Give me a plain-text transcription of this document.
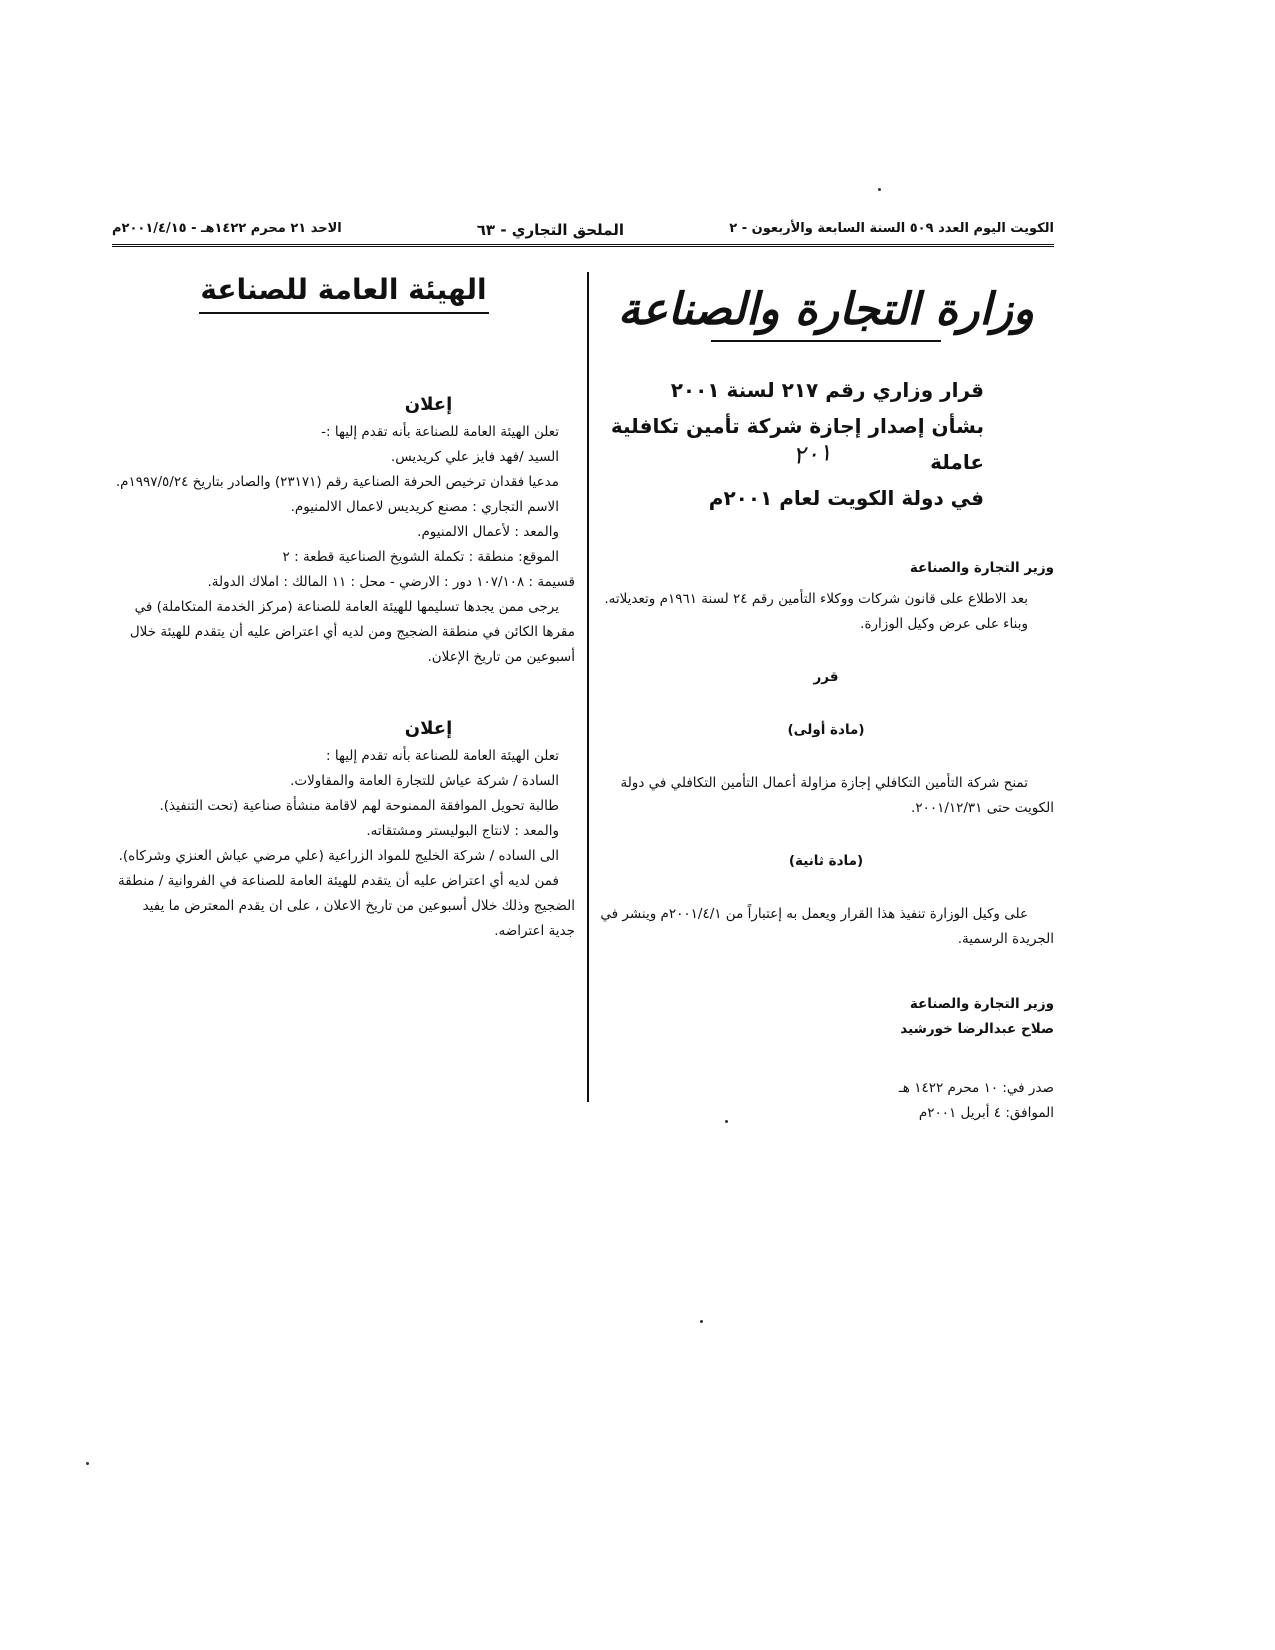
الكويت اليوم العدد ٥٠٩ السنة السابعة والأربعون - ٢
الملحق التجاري - ٦٣
الاحد ٢١ محرم ١٤٢٢هـ - ٢٠٠١/٤/١٥م
وزارة التجارة والصناعة
قرار وزاري رقم ٢١٧ لسنة ٢٠٠١
بشأن إصدار إجازة شركة تأمين تكافلية عاملة
في دولة الكويت لعام ٢٠٠١م
٢٠١
وزير التجارة والصناعة

بعد الاطلاع على قانون شركات ووكلاء التأمين رقم ٢٤ لسنة ١٩٦١م وتعديلاته.

وبناء على عرض وكيل الوزارة.

قرر
(مادة أولى)

تمنح شركة التأمين التكافلي إجازة مزاولة أعمال التأمين التكافلي في دولة الكويت حتى ٢٠٠١/١٢/٣١.

(مادة ثانية)

على وكيل الوزارة تنفيذ هذا القرار ويعمل به إعتباراً من ٢٠٠١/٤/١م وينشر في الجريدة الرسمية.

وزير التجارة والصناعة
صلاح عبدالرضا خورشيد
صدر في: ١٠ محرم ١٤٢٢ هـ
الموافق: ٤ أبريل ٢٠٠١م
الهيئة العامة للصناعة
إعلان

تعلن الهيئة العامة للصناعة بأنه تقدم إليها :-

السيد /فهد فايز علي كريديس.

مدعيا فقدان ترخيص الحرفة الصناعية رقم (٢٣١٧١) والصادر بتاريخ ١٩٩٧/٥/٢٤م.

الاسم التجاري : مصنع كريديس لاعمال الالمنيوم.

والمعد : لأعمال الالمنيوم.

الموقع: منطقة : تكملة الشويخ الصناعية قطعة : ٢

قسيمة : ١٠٧/١٠٨ دور : الارضي - محل : ١١ المالك : املاك الدولة.

يرجى ممن يجدها تسليمها للهيئة العامة للصناعة (مركز الخدمة المتكاملة) في مقرها الكائن في منطقة الضجيج ومن لديه أي اعتراض عليه أن يتقدم للهيئة خلال أسبوعين من تاريخ الإعلان.

إعلان

تعلن الهيئة العامة للصناعة بأنه تقدم إليها :

السادة / شركة عياش للتجارة العامة والمقاولات.

طالبة تحويل الموافقة الممنوحة لهم لاقامة منشأة صناعية (تحت التنفيذ).

والمعد : لانتاج البوليستر ومشتقاته.

الى الساده / شركة الخليج للمواد الزراعية (علي مرضي عياش العنزي وشركاه).

فمن لديه أي اعتراض عليه أن يتقدم للهيئة العامة للصناعة في الفروانية / منطقة الضجيج وذلك خلال أسبوعين من تاريخ الاعلان ، على ان يقدم المعترض ما يفيد جدية اعتراضه.
